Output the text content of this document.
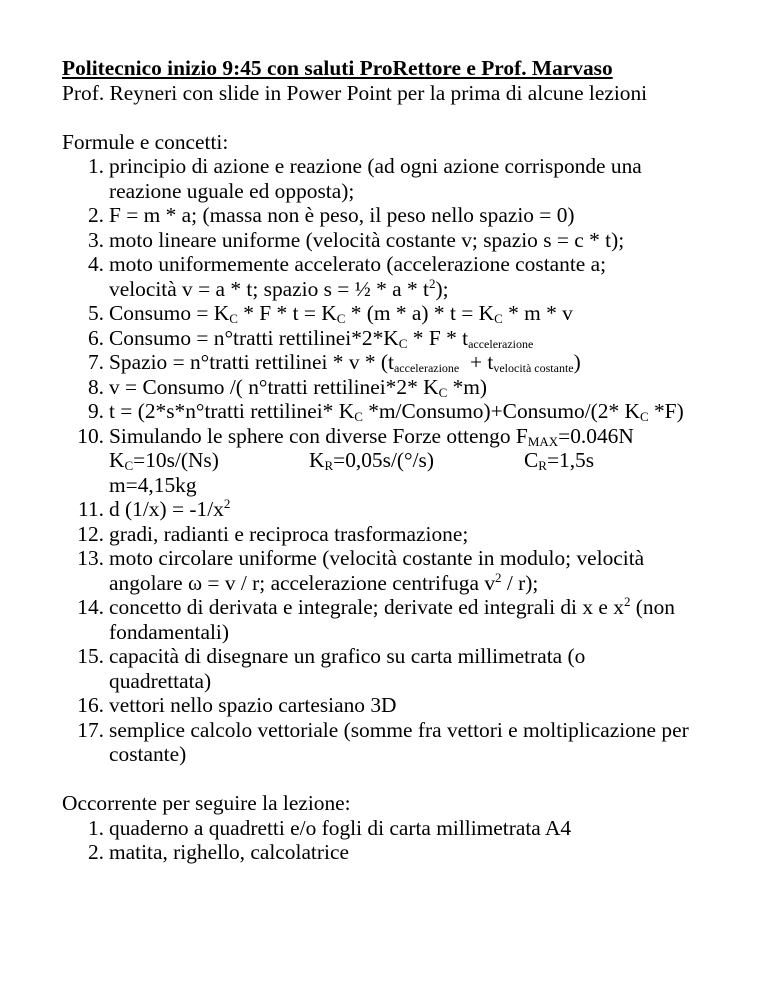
Politecnico inizio 9:45 con saluti ProRettore e Prof. Marvaso

Prof. Reyneri con slide in Power Point per la prima di alcune lezioni

Formule e concetti:
1. principio di azione e reazione (ad ogni azione corrisponde una reazione uguale ed opposta);
2. F = m * a; (massa non è peso, il peso nello spazio = 0)
3. moto lineare uniforme (velocità costante v; spazio s = c * t);
4. moto uniformemente accelerato (accelerazione costante a; velocità v = a * t; spazio s = ½ * a * $t^2$);
5. Consumo = $K_C * F * t = K_C * (m * a) * t = K_C * m * v$
6. Consumo = n°tratti $rettilinei*2*K_C$ * F * $t_{accelerazione}$
7. Spazio = n°tratti rettilinei * $v * (t_{accelerazione} + t_{velocità costante})$
8. v = Consumo /( n°tratti rettilinei*2* $K_C$ *m)
9. t = (2*s*n°tratti rettilinei* $K_C$ *m/Consumo)+Consumo/(2* $K_C$ *F)
10. Simulando le sphere con diverse Forze ottengo $F_{MAX}=0.046N$
$K_C=10s/(Ns)$	$K_R=0,05s/(^\circ/s)$	$C_R=1,5s$
m=4,15kg
11. d $(1/x) = -1/x^2$
12. gradi, radianti e reciproca trasformazione;
13. moto circolare uniforme (velocità costante in modulo; velocità angolare ω = v / r; accelerazione centrifuga $v^2 / r$);
14. concetto di derivata e integrale; derivate ed integrali di x e $x^2$ (non fondamentali)
15. capacità di disegnare un grafico su carta millimetrata (o quadrettata)
16. vettori nello spazio cartesiano 3D
17. semplice calcolo vettoriale (somme fra vettori e moltiplicazione per costante)
Occorrente per seguire la lezione:
1. quaderno a quadretti e/o fogli di carta millimetrata A4
2. matita, righello, calcolatrice
